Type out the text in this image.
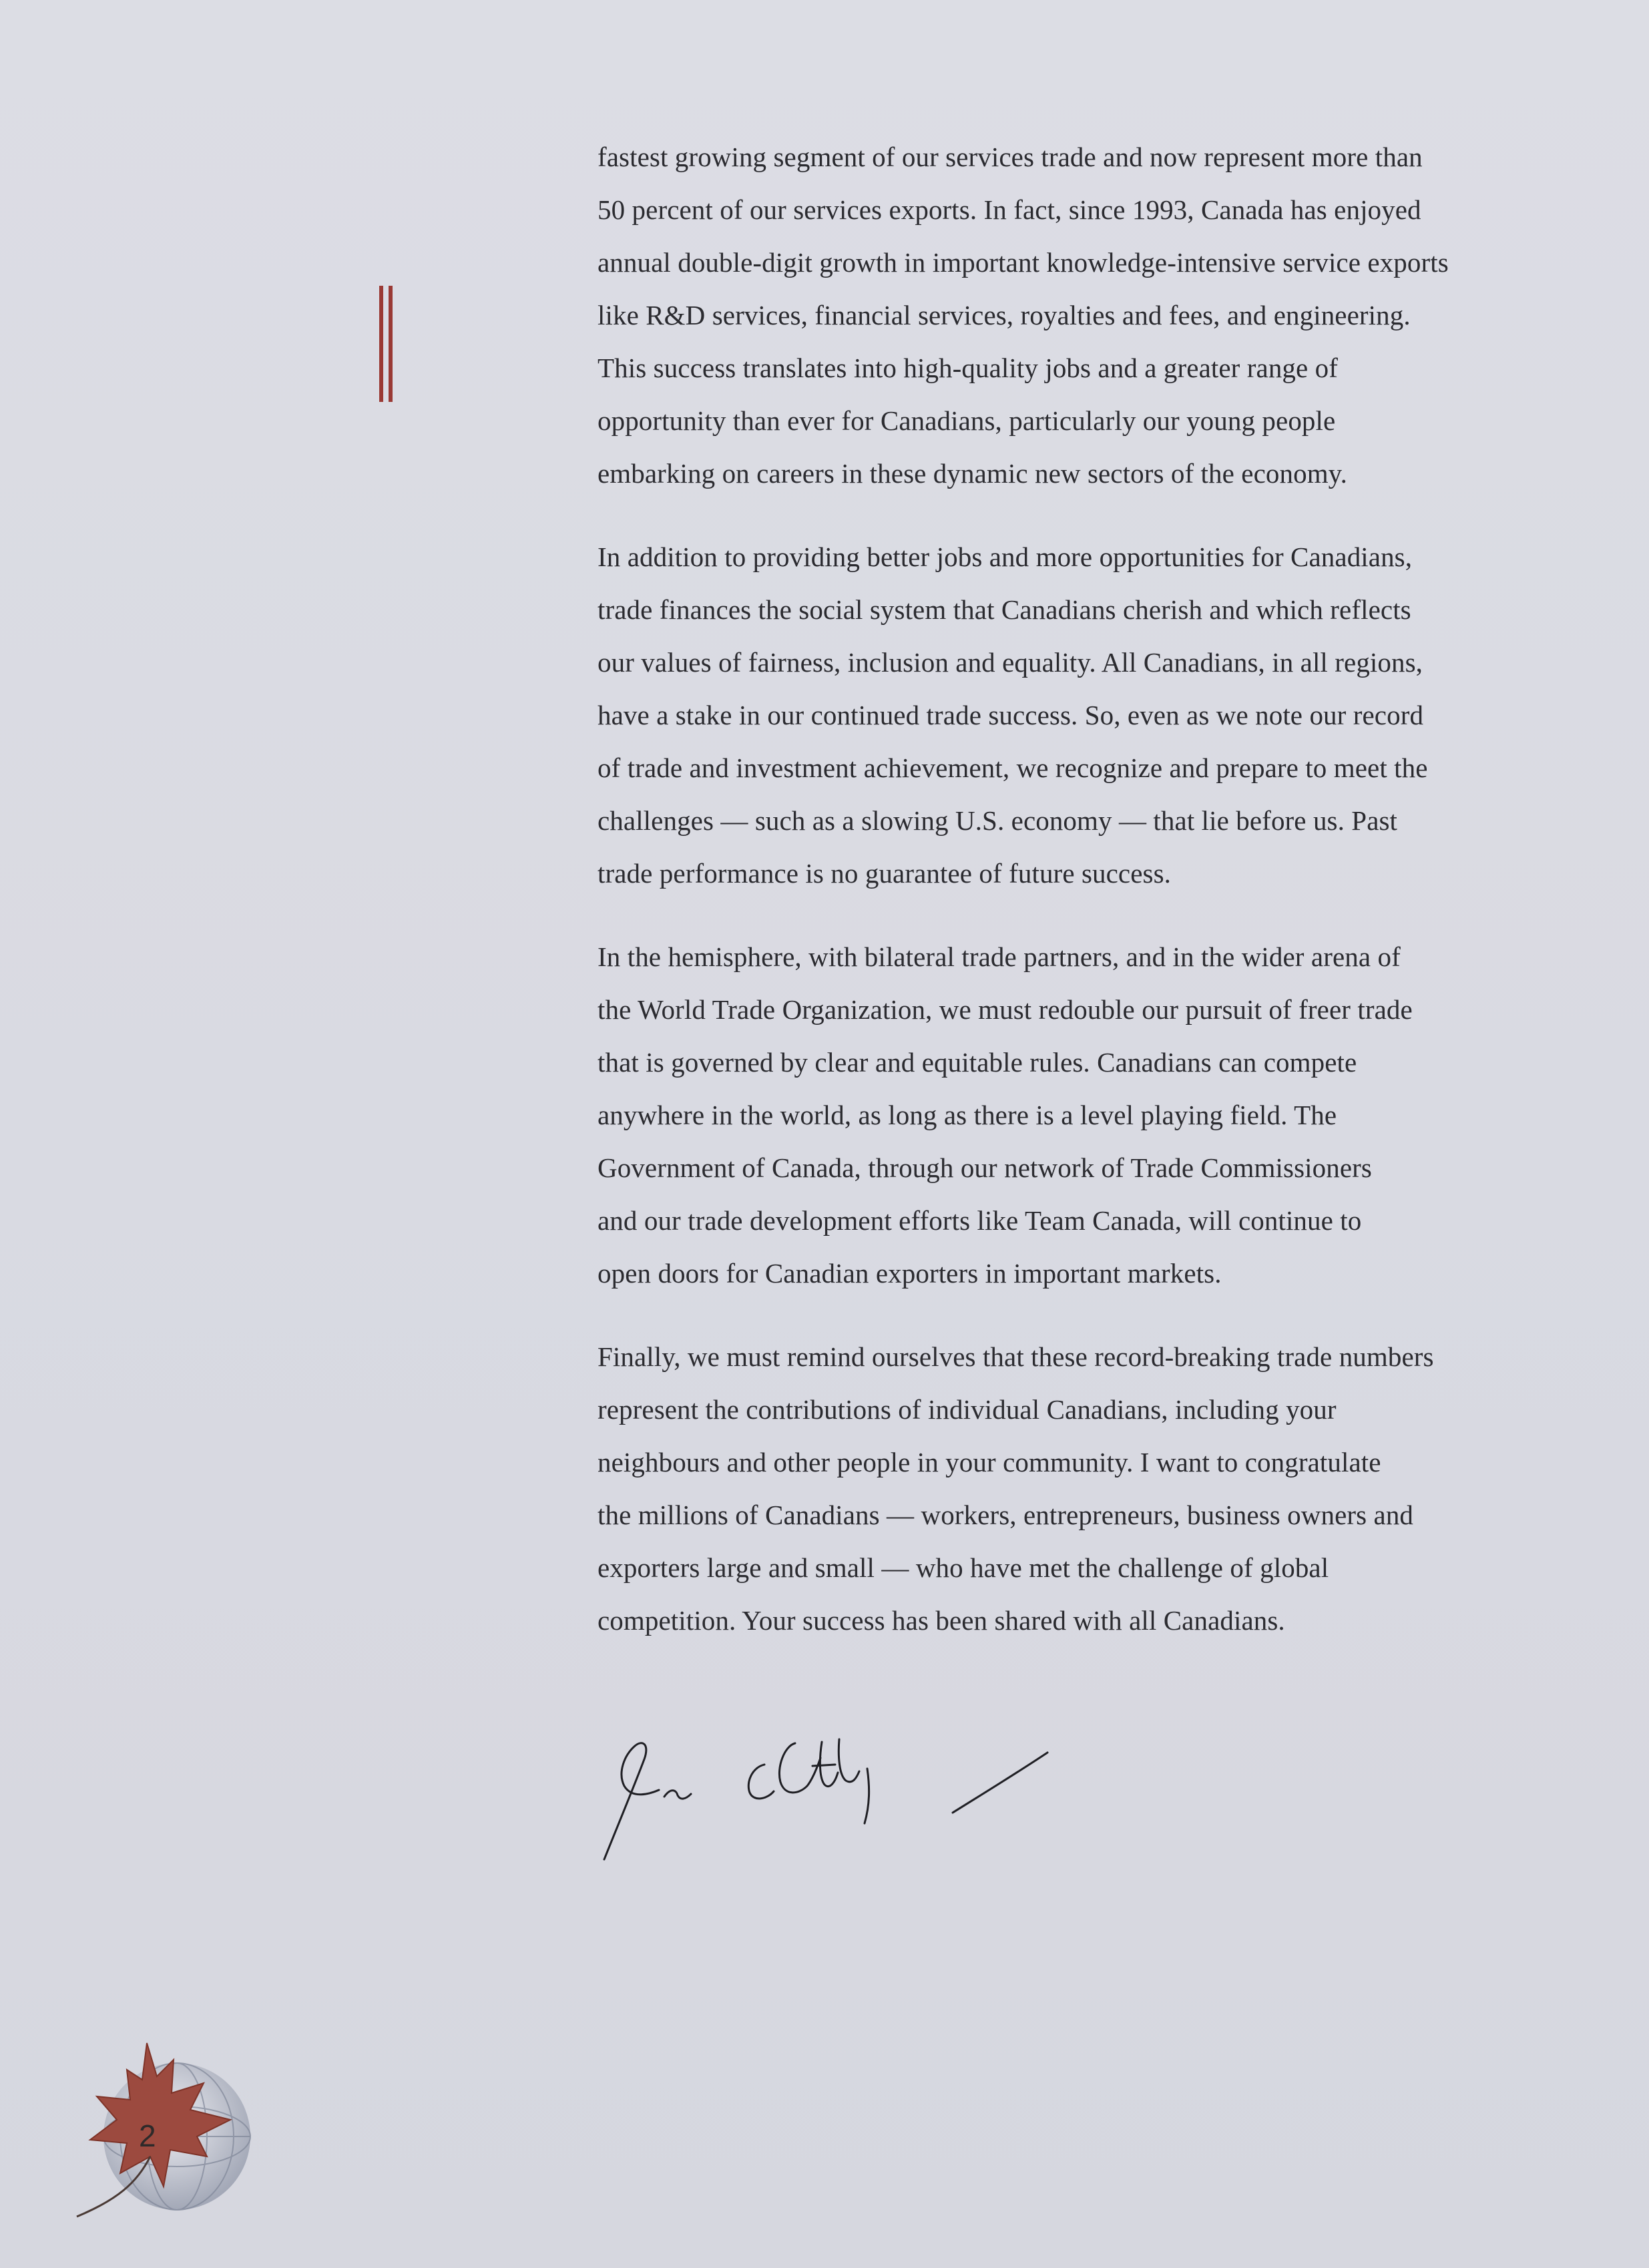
fastest growing segment of our services trade and now represent more than
50 percent of our services exports. In fact, since 1993, Canada has enjoyed
annual double-digit growth in important knowledge-intensive service exports
like R&D services, financial services, royalties and fees, and engineering.
This success translates into high-quality jobs and a greater range of
opportunity than ever for Canadians, particularly our young people
embarking on careers in these dynamic new sectors of the economy.

In addition to providing better jobs and more opportunities for Canadians,
trade finances the social system that Canadians cherish and which reflects
our values of fairness, inclusion and equality. All Canadians, in all regions,
have a stake in our continued trade success. So, even as we note our record
of trade and investment achievement, we recognize and prepare to meet the
challenges — such as a slowing U.S. economy — that lie before us. Past
trade performance is no guarantee of future success.

In the hemisphere, with bilateral trade partners, and in the wider arena of
the World Trade Organization, we must redouble our pursuit of freer trade
that is governed by clear and equitable rules. Canadians can compete
anywhere in the world, as long as there is a level playing field. The
Government of Canada, through our network of Trade Commissioners
and our trade development efforts like Team Canada, will continue to
open doors for Canadian exporters in important markets.

Finally, we must remind ourselves that these record-breaking trade numbers
represent the contributions of individual Canadians, including your
neighbours and other people in your community. I want to congratulate
the millions of Canadians — workers, entrepreneurs, business owners and
exporters large and small — who have met the challenge of global
competition. Your success has been shared with all Canadians.

2
